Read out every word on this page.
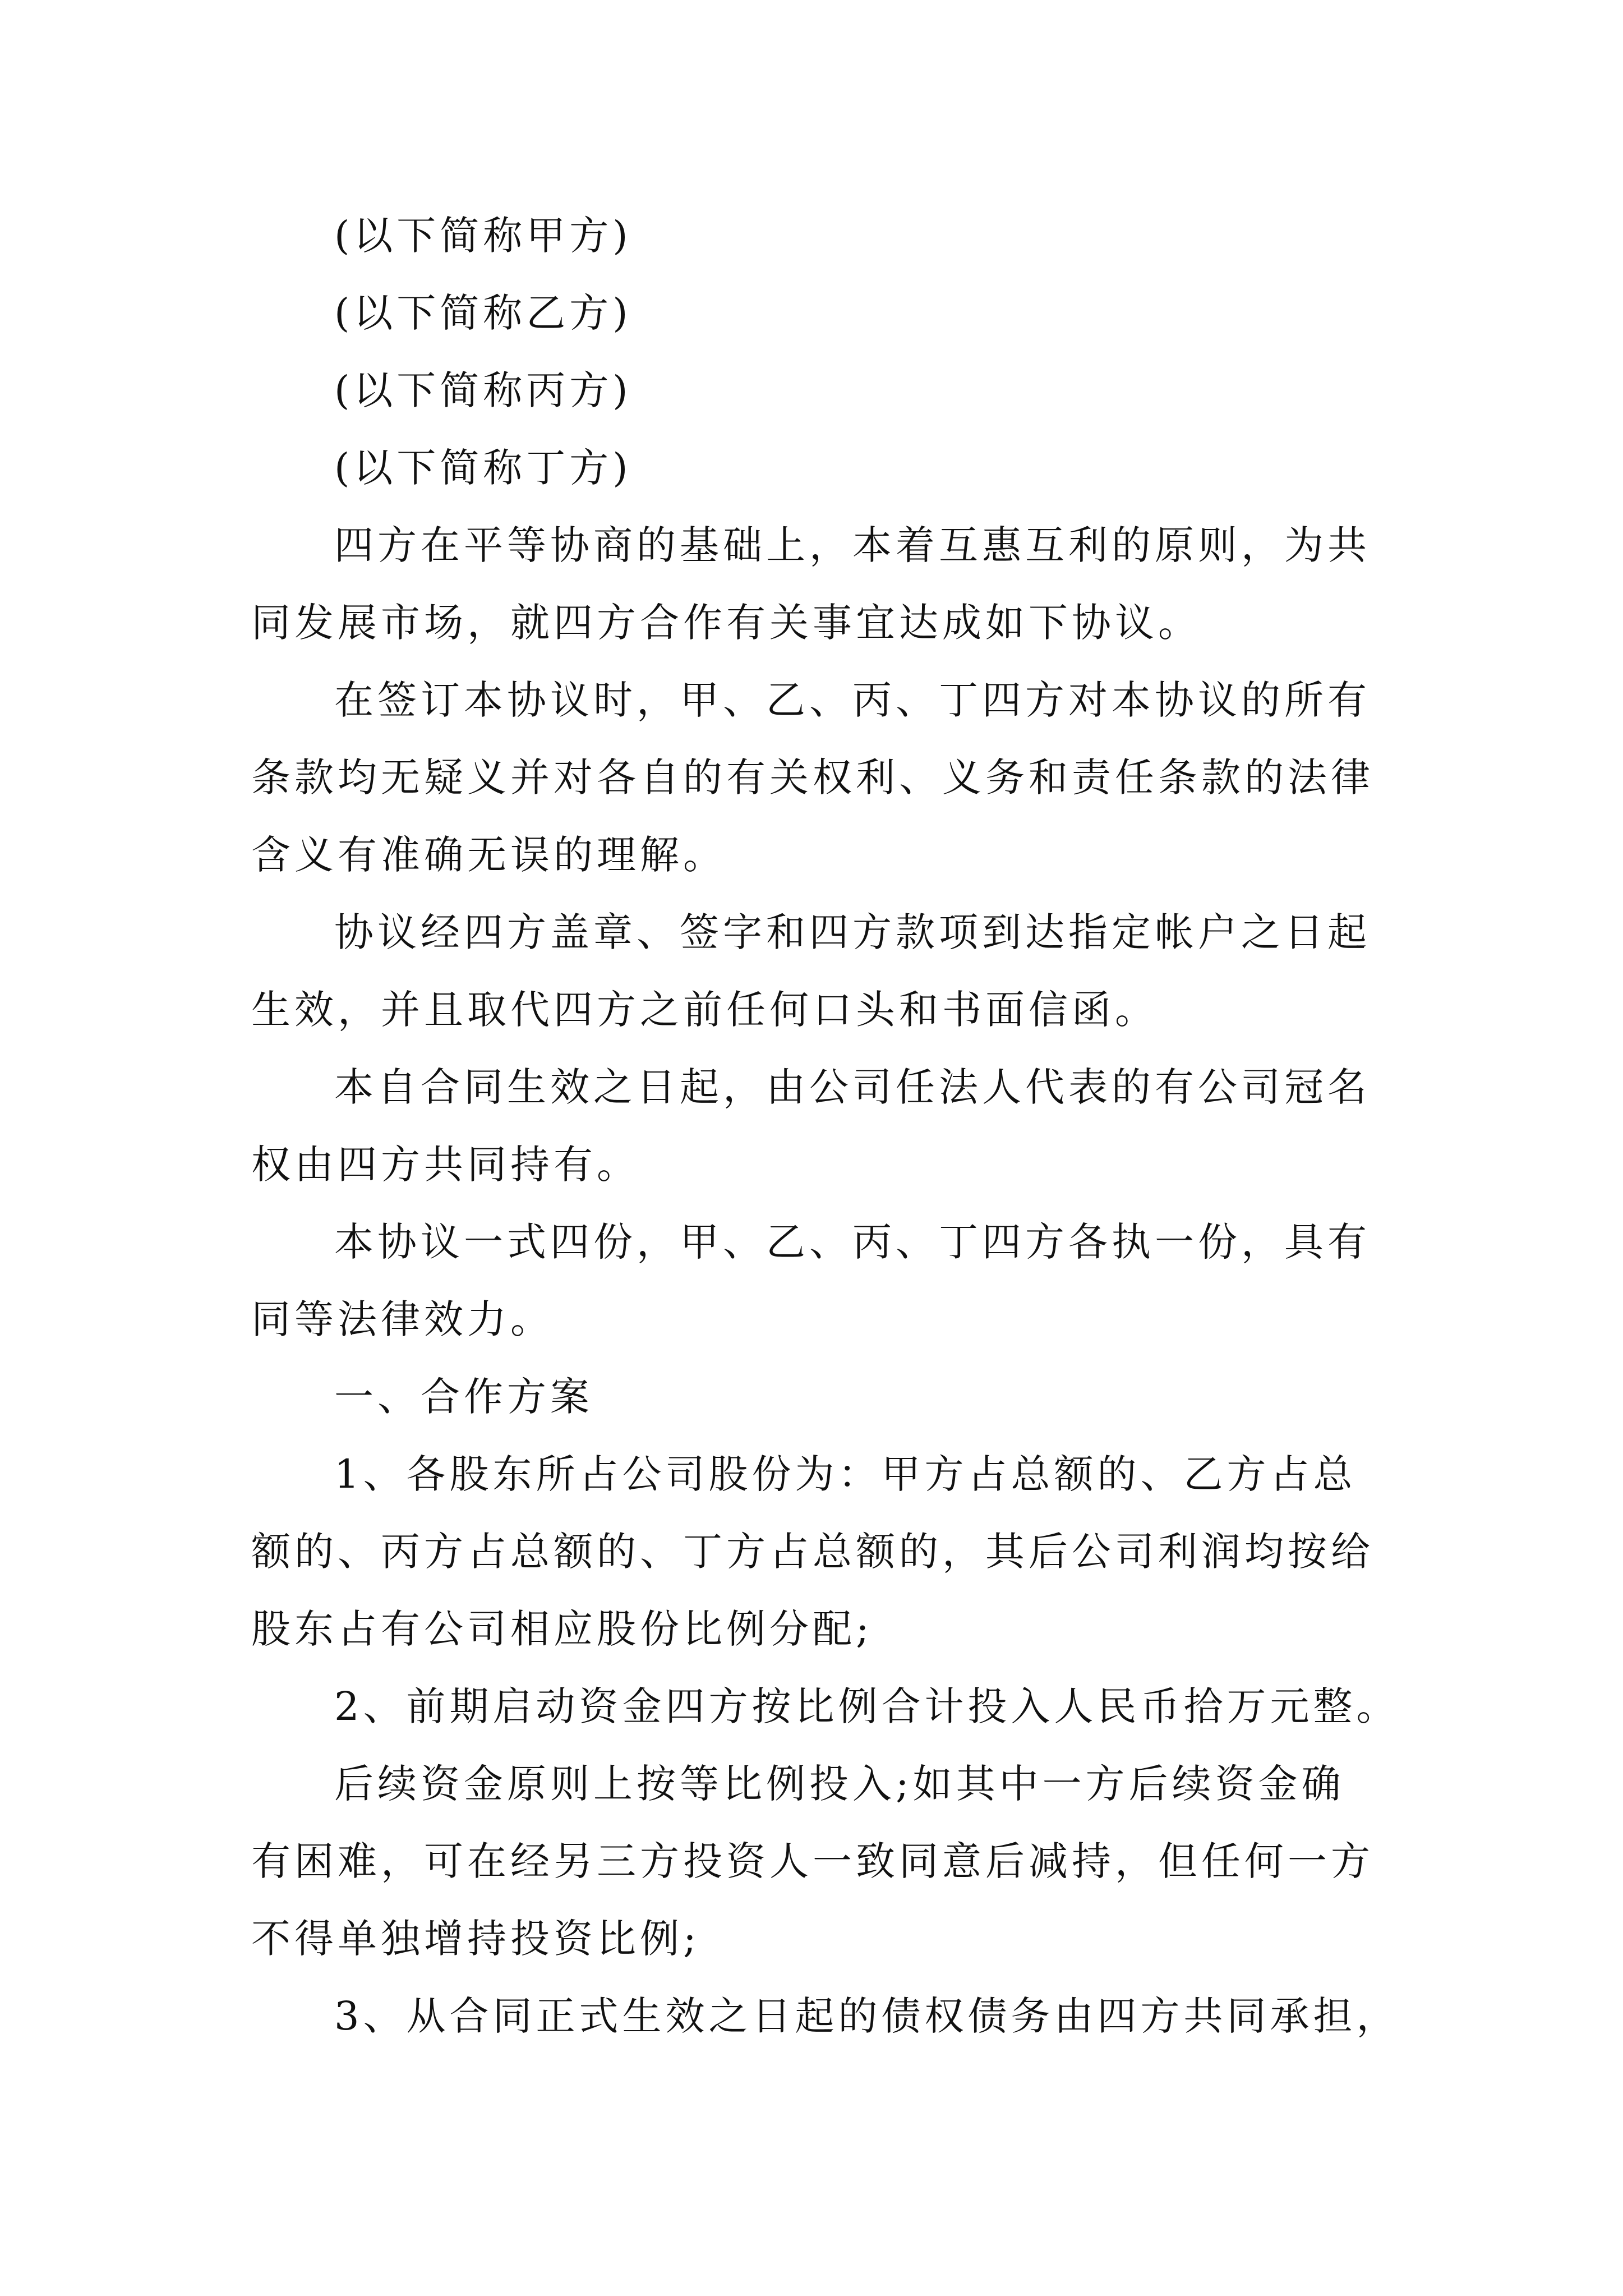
(以下简称甲方)
(以下简称乙方)
(以下简称丙方)
(以下简称丁方)
四方在平等协商的基础上，本着互惠互利的原则，为共
同发展市场，就四方合作有关事宜达成如下协议。
在签订本协议时，甲、乙、丙、丁四方对本协议的所有
条款均无疑义并对各自的有关权利、义务和责任条款的法律
含义有准确无误的理解。
协议经四方盖章、签字和四方款项到达指定帐户之日起
生效，并且取代四方之前任何口头和书面信函。
本自合同生效之日起，由公司任法人代表的有公司冠名
权由四方共同持有。
本协议一式四份，甲、乙、丙、丁四方各执一份，具有
同等法律效力。
一、合作方案
1、各股东所占公司股份为：甲方占总额的、乙方占总
额的、丙方占总额的、丁方占总额的，其后公司利润均按给
股东占有公司相应股份比例分配;
2、前期启动资金四方按比例合计投入人民币拾万元整。
后续资金原则上按等比例投入;如其中一方后续资金确
有困难，可在经另三方投资人一致同意后减持，但任何一方
不得单独增持投资比例;
3、从合同正式生效之日起的债权债务由四方共同承担，
